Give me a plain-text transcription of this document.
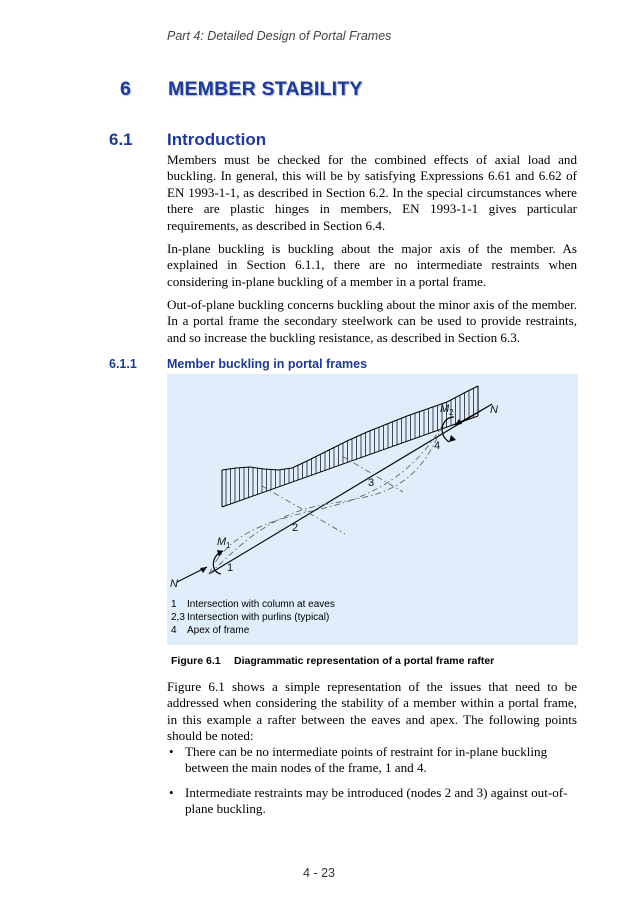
Part 4: Detailed Design of Portal Frames
6 MEMBER STABILITY
6.1 Introduction

Members must be checked for the combined effects of axial load and buckling. In general, this will be by satisfying Expressions 6.61 and 6.62 of EN 1993-1-1, as described in Section 6.2. In the special circumstances where there are plastic hinges in members, EN 1993-1-1 gives particular requirements, as described in Section 6.4.

In-plane buckling is buckling about the major axis of the member. As explained in Section 6.1.1, there are no intermediate restraints when considering in-plane buckling of a member in a portal frame.

Out-of-plane buckling concerns buckling about the minor axis of the member. In a portal frame the secondary steelwork can be used to provide restraints, and so increase the buckling resistance, as described in Section 6.3.

6.1.1 Member buckling in portal frames
N
N
M 1
M 2
1
2
3
4
1 Intersection with column at eaves
2,3 Intersection with purlins (typical)
4 Apex of frame
Figure 6.1 Diagrammatic representation of a portal frame rafter

Figure 6.1 shows a simple representation of the issues that need to be addressed when considering the stability of a member within a portal frame, in this example a rafter between the eaves and apex. The following points should be noted:

• There can be no intermediate points of restraint for in-plane buckling between the main nodes of the frame, 1 and 4.
• Intermediate restraints may be introduced (nodes 2 and 3) against out-of-plane buckling.
4 - 23
